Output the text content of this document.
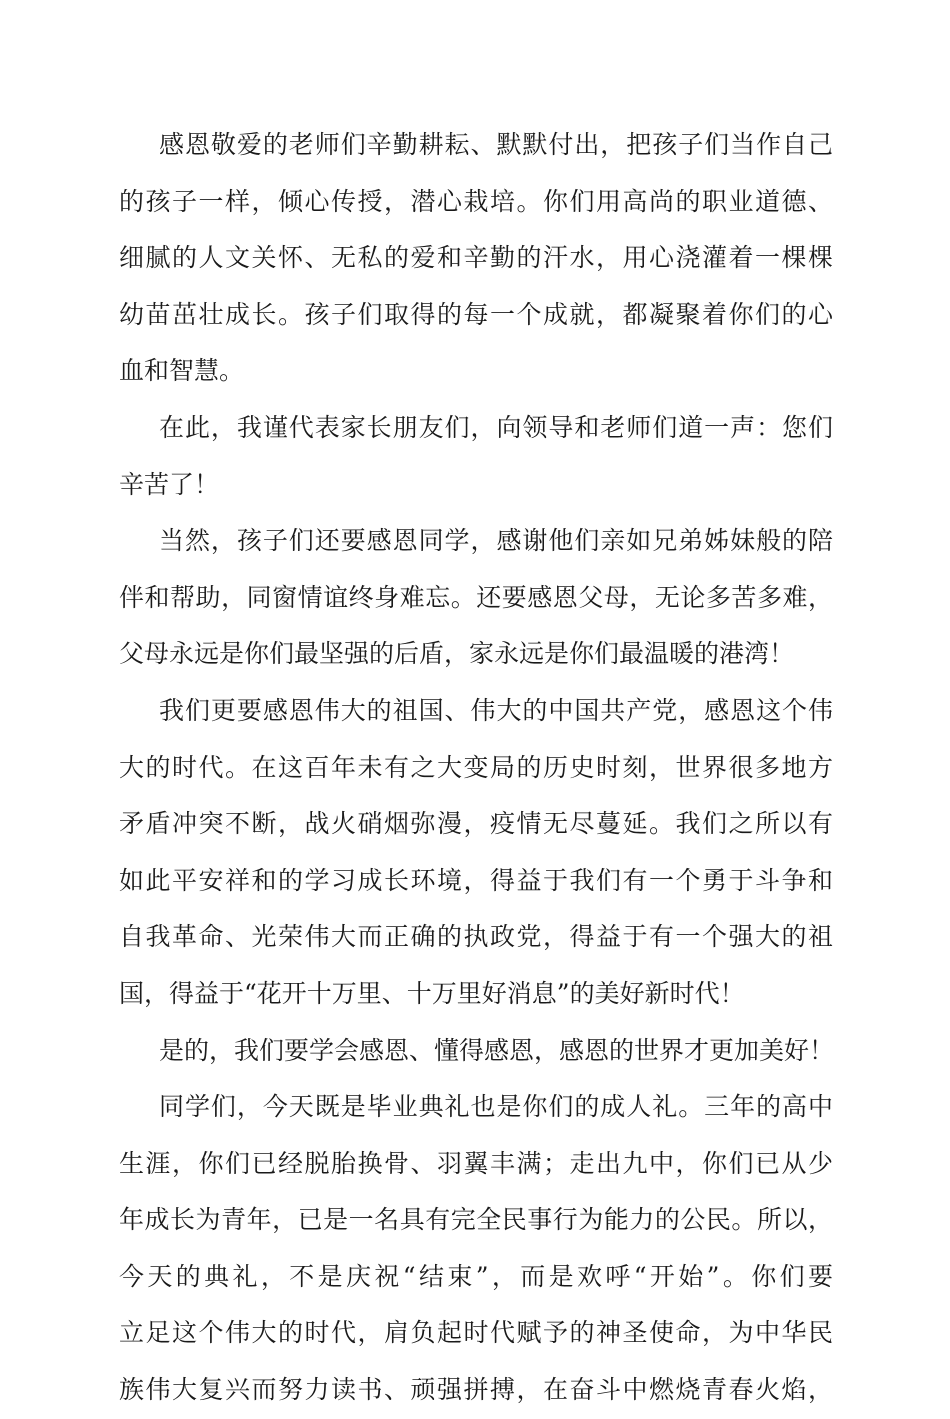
感恩敬爱的老师们辛勤耕耘、默默付出，把孩子们当作自己
的孩子一样，倾心传授，潜心栽培。你们用高尚的职业道德、
细腻的人文关怀、无私的爱和辛勤的汗水，用心浇灌着一棵棵
幼苗茁壮成长。孩子们取得的每一个成就，都凝聚着你们的心
血和智慧。
在此，我谨代表家长朋友们，向领导和老师们道一声：您们
辛苦了！
当然，孩子们还要感恩同学，感谢他们亲如兄弟姊妹般的陪
伴和帮助，同窗情谊终身难忘。还要感恩父母，无论多苦多难，
父母永远是你们最坚强的后盾，家永远是你们最温暖的港湾！
我们更要感恩伟大的祖国、伟大的中国共产党，感恩这个伟
大的时代。在这百年未有之大变局的历史时刻，世界很多地方
矛盾冲突不断，战火硝烟弥漫，疫情无尽蔓延。我们之所以有
如此平安祥和的学习成长环境，得益于我们有一个勇于斗争和
自我革命、光荣伟大而正确的执政党，得益于有一个强大的祖
国，得益于“花开十万里、十万里好消息”的美好新时代！
是的，我们要学会感恩、懂得感恩，感恩的世界才更加美好！
同学们，今天既是毕业典礼也是你们的成人礼。三年的高中
生涯，你们已经脱胎换骨、羽翼丰满；走出九中，你们已从少
年成长为青年，已是一名具有完全民事行为能力的公民。所以，
今天的典礼，不是庆祝“结束”，而是欢呼“开始”。你们要
立足这个伟大的时代，肩负起时代赋予的神圣使命，为中华民
族伟大复兴而努力读书、顽强拼搏，在奋斗中燃烧青春火焰，
